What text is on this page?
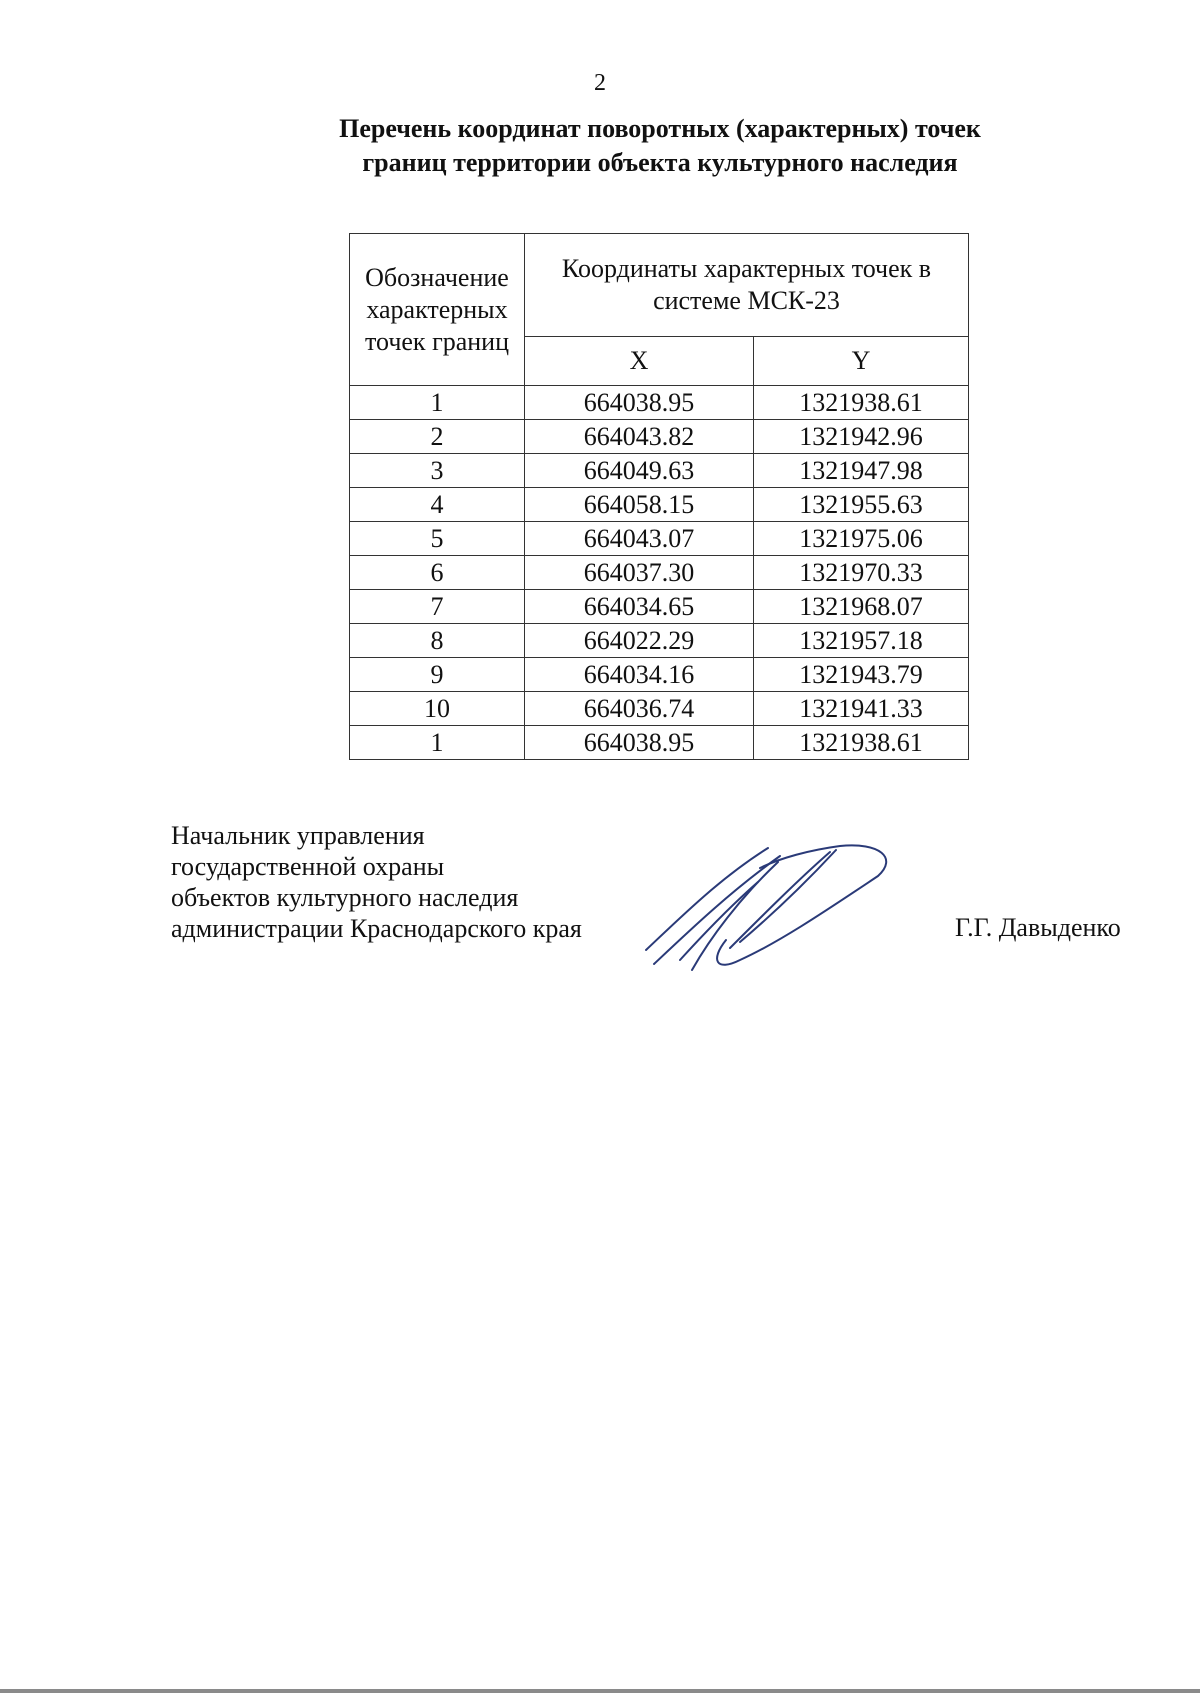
2
Перечень координат поворотных (характерных) точек
границ территории объекта культурного наследия
Обозначение характерных точек границ	Координаты характерных точек в системе МСК-23	
	X	Y
1	664038.95	1321938.61
2	664043.82	1321942.96
3	664049.63	1321947.98
4	664058.15	1321955.63
5	664043.07	1321975.06
6	664037.30	1321970.33
7	664034.65	1321968.07
8	664022.29	1321957.18
9	664034.16	1321943.79
10	664036.74	1321941.33
1	664038.95	1321938.61
Начальник управления
государственной охраны
объектов культурного наследия
администрации Краснодарского края	Г.Г. Давыденко
